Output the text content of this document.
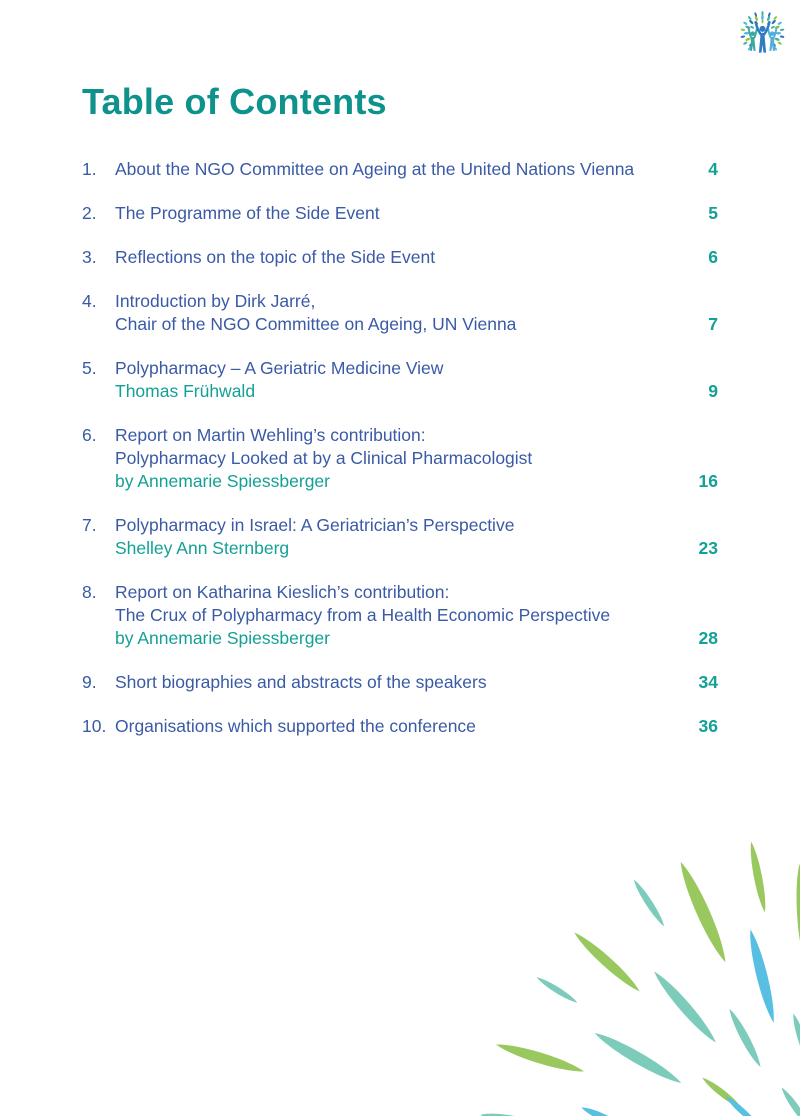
Table of Contents
1.	About the NGO Committee on Ageing at the United Nations Vienna	4
2.	The Programme of the Side Event	5
3.	Reflections on the topic of the Side Event	6
4.	Introduction by Dirk Jarré,
Chair of the NGO Committee on Ageing, UN Vienna	7
5.	Polypharmacy – A Geriatric Medicine View
Thomas Frühwald	9
6.	Report on Martin Wehling’s contribution:
Polypharmacy Looked at by a Clinical Pharmacologist
by Annemarie Spiessberger	16
7.	Polypharmacy in Israel: A Geriatrician’s Perspective
Shelley Ann Sternberg	23
8.	Report on Katharina Kieslich’s contribution:
The Crux of Polypharmacy from a Health Economic Perspective
by Annemarie Spiessberger	28
9.	Short biographies and abstracts of the speakers	34
10. Organisations which supported the conference	36
